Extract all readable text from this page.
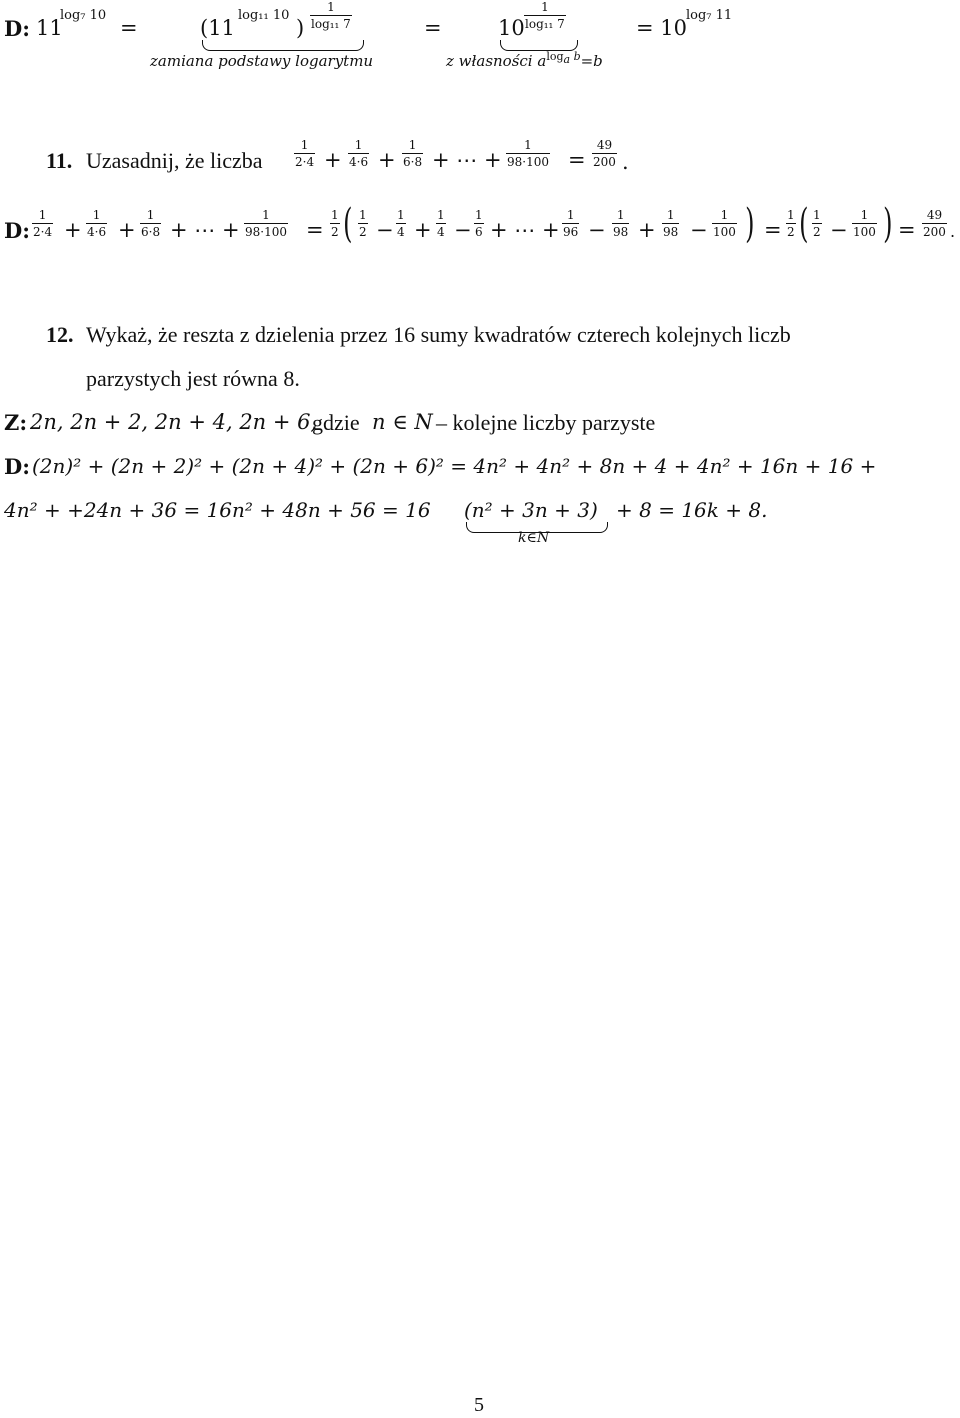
D: 11
log₇ 10
=	(11
log₁₁ 10
)
1
log₁₁ 7
zamiana podstawy logarytmu
=	10
1
log₁₁ 7
z własności $a^{loga}$ $^b$=b
= 10
log₇ 11
11. Uzasadnij, że liczba
1
2·4 +
1
4·6 +
1
6·8 + ⋯ +
1
98·100 =
49
200 .
D:
1
2·4 +
1
4·6 +
1
6·8 + ⋯ +
1
98·100 =
1
2 ( 1
2 −
1
4 +
1
4 −
1
6 + ⋯ +
1
96 −
1
98 +
1
98 −
1
100 ) =
1
2 ( 1
2 −
1
100 ) =
49
200 .
12. Wykaż, że reszta z dzielenia przez 16 sumy kwadratów czterech kolejnych liczb
parzystych jest równa 8.
Z: 2n, 2n + 2, 2n + 4, 2n + 6,
gdzie n ∈ N – kolejne liczby parzyste
D: (2n)² + (2n + 2)² + (2n + 4)² + (2n + 6)² = 4n² + 4n² + 8n + 4 + 4n² + 16n + 16 +
4n² + +24n + 36 = 16n² + 48n + 56 = 16 (n² + 3n + 3) + 8 = 16k + 8.
k∈N
5
